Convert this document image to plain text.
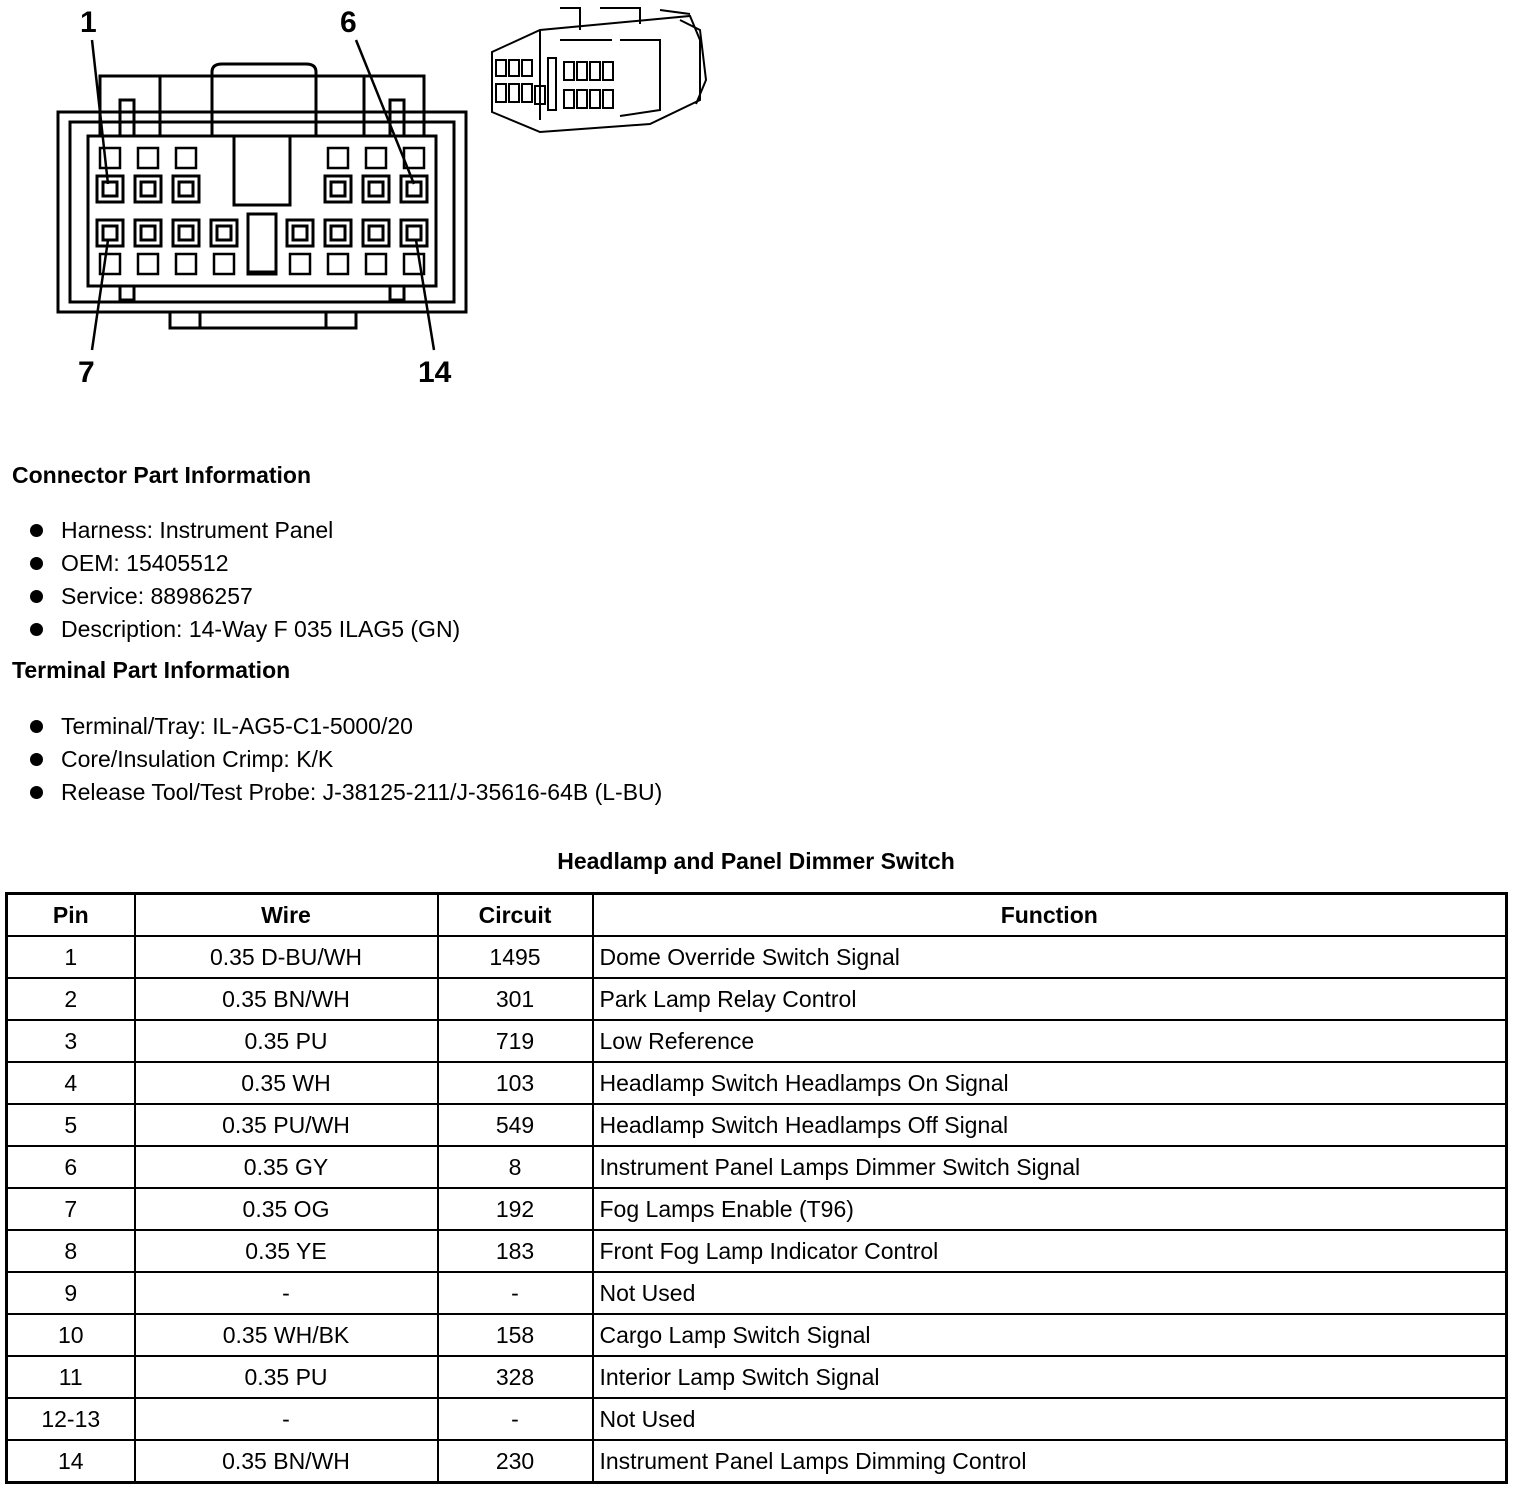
1	6
7	14
Connector Part Information
Harness: Instrument Panel
OEM: 15405512
Service: 88986257
Description: 14-Way F 035 ILAG5 (GN)
Terminal Part Information
Terminal/Tray: IL-AG5-C1-5000/20
Core/Insulation Crimp: K/K
Release Tool/Test Probe: J-38125-211/J-35616-64B (L-BU)
Headlamp and Panel Dimmer Switch
Pin	Wire	Circuit	Function
1	0.35 D-BU/WH	1495	Dome Override Switch Signal
2	0.35 BN/WH	301	Park Lamp Relay Control
3	0.35 PU	719	Low Reference
4	0.35 WH	103	Headlamp Switch Headlamps On Signal
5	0.35 PU/WH	549	Headlamp Switch Headlamps Off Signal
6	0.35 GY	8	Instrument Panel Lamps Dimmer Switch Signal
7	0.35 OG	192	Fog Lamps Enable (T96)
8	0.35 YE	183	Front Fog Lamp Indicator Control
9	-	-	Not Used
10	0.35 WH/BK	158	Cargo Lamp Switch Signal
11	0.35 PU	328	Interior Lamp Switch Signal
12-13	-	-	Not Used
14	0.35 BN/WH	230	Instrument Panel Lamps Dimming Control
